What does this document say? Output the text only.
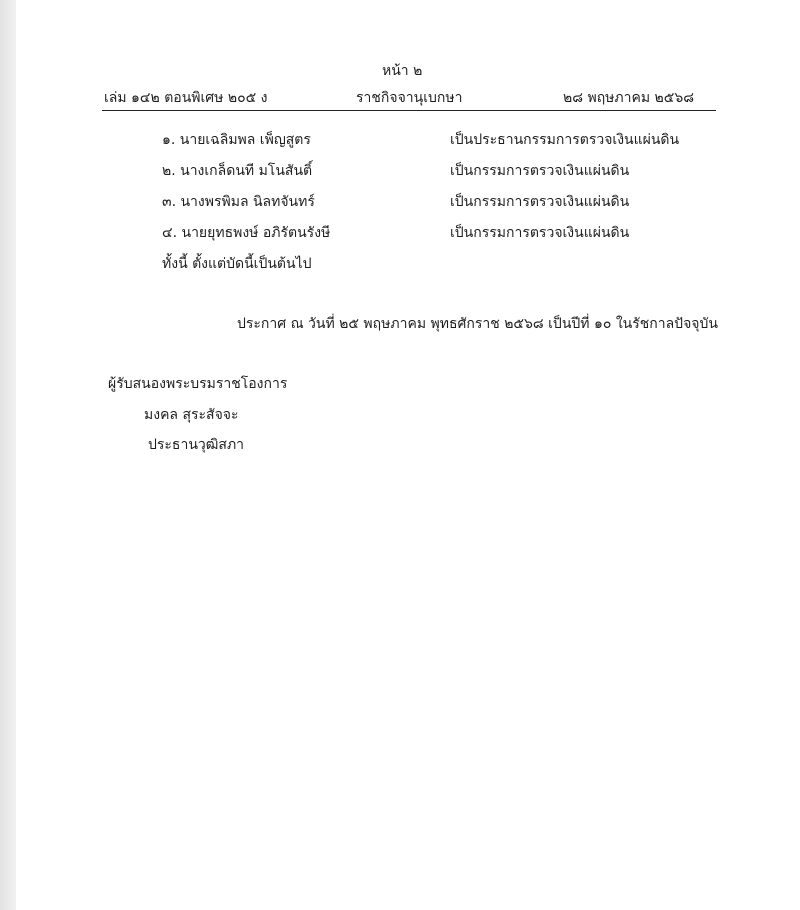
หน้า ๒
เล่ม ๑๔๒ ตอนพิเศษ ๒๐๕ ง	ราชกิจจานุเบกษา	๒๘ พฤษภาคม ๒๕๖๘
๑. นายเฉลิมพล เพ็ญสูตร	เป็นประธานกรรมการตรวจเงินแผ่นดิน
๒. นางเกล็ดนที มโนสันติ์	เป็นกรรมการตรวจเงินแผ่นดิน
๓. นางพรพิมล นิลทจันทร์	เป็นกรรมการตรวจเงินแผ่นดิน
๔. นายยุทธพงษ์ อภิรัตนรังษี	เป็นกรรมการตรวจเงินแผ่นดิน
ทั้งนี้ ตั้งแต่บัดนี้เป็นต้นไป
ประกาศ ณ วันที่ ๒๕ พฤษภาคม พุทธศักราช ๒๕๖๘ เป็นปีที่ ๑๐ ในรัชกาลปัจจุบัน
ผู้รับสนองพระบรมราชโองการ
มงคล สุระสัจจะ
ประธานวุฒิสภา
